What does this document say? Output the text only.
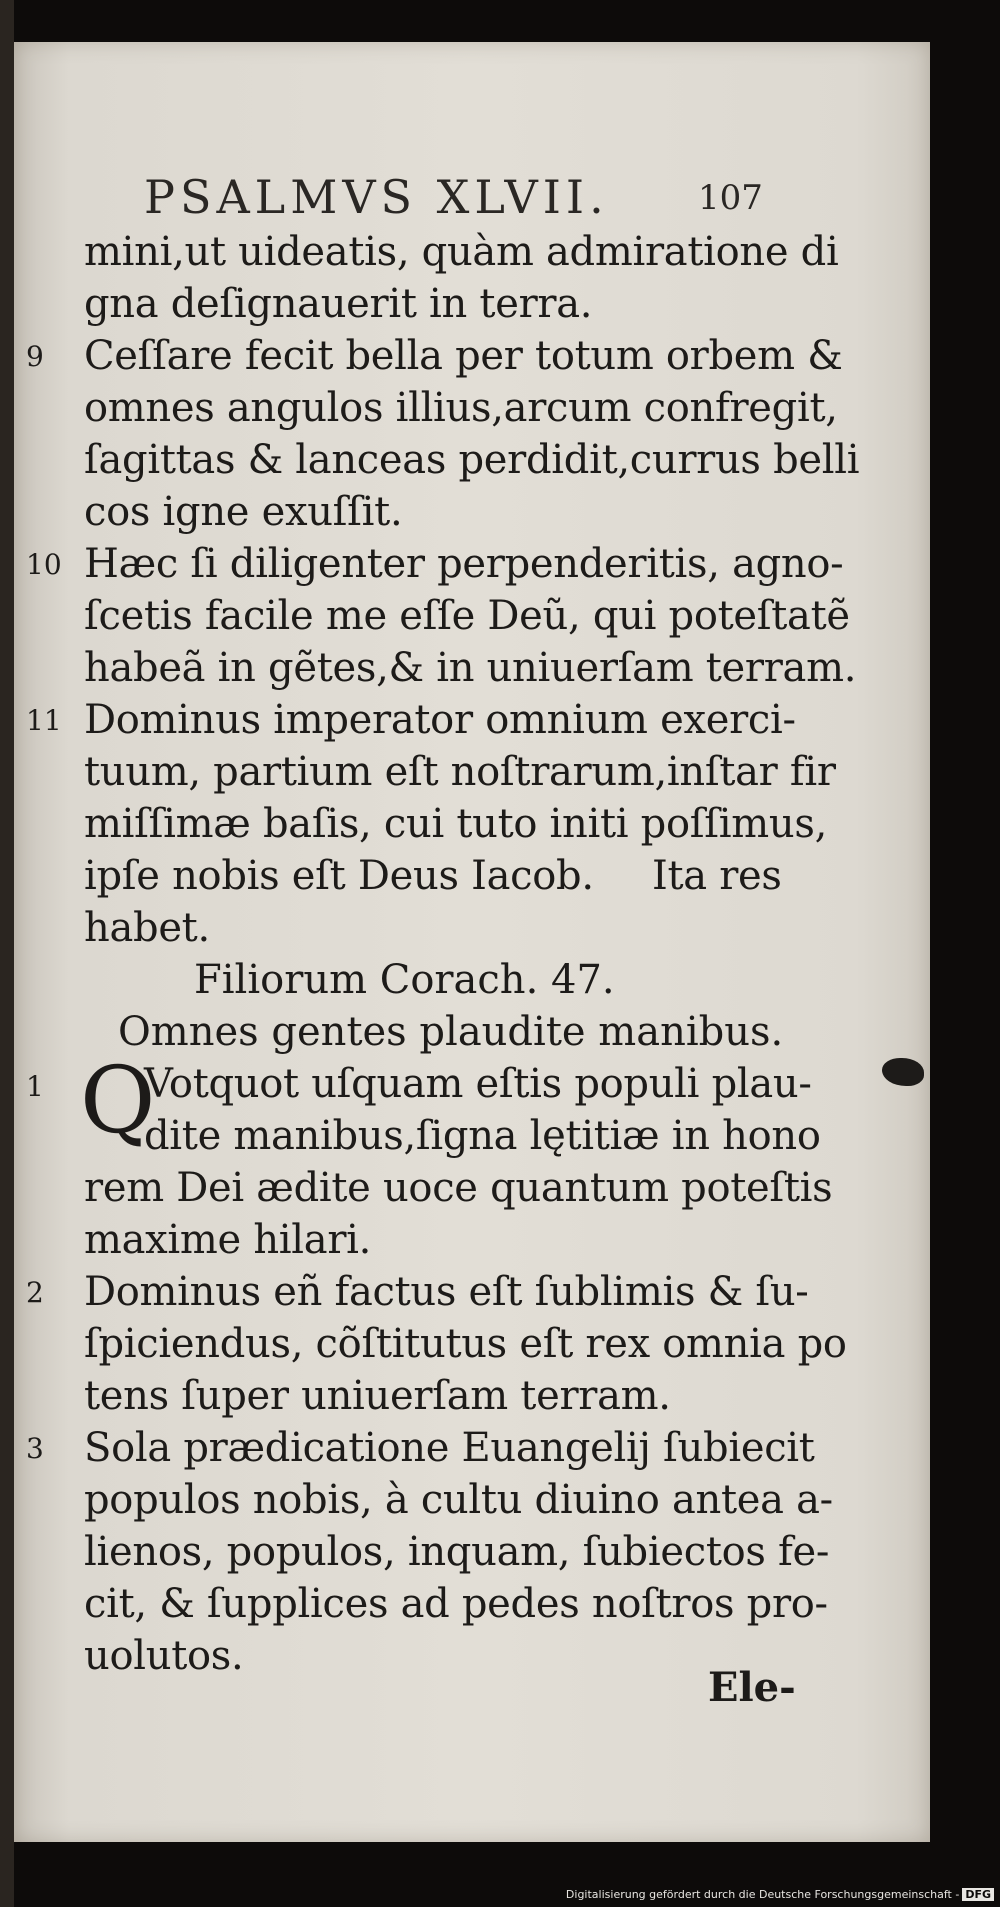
PSALMVS XLVII.	107
mini,ut uideatis, quàm admiratione di
gna deſignauerit in terra.
9 Ceſſare fecit bella per totum orbem &
omnes angulos illius,arcum confregit,
ſagittas & lanceas perdidit,currus belli
cos igne exuſſit.
10 Hæc ſi diligenter perpenderitis, agno-
ſcetis facile me eſſe Deũ, qui poteſtatẽ
habeã in gẽtes,& in uniuerſam terram.
11 Dominus imperator omnium exerci-
tuum, partium eſt noſtrarum,inſtar fir
miſſimæ baſis, cui tuto initi poſſimus,
ipſe nobis eſt Deus Iacob. Ita res
habet.
Filiorum Corach. 47.
Omnes gentes plaudite manibus.
1 Q
Votquot uſquam eſtis populi plau-
dite manibus,ſigna lętitiæ in hono
rem Dei ædite uoce quantum poteſtis
maxime hilari.
2 Dominus eñ factus eſt ſublimis & ſu-
ſpiciendus, cõſtitutus eſt rex omnia po
tens ſuper uniuerſam terram.
3 Sola prædicatione Euangelij ſubiecit
populos nobis, à cultu diuino antea a-
lienos, populos, inquam, ſubiectos fe-
cit, & ſupplices ad pedes noſtros pro-
uolutos.
Ele-
Digitalisierung gefördert durch die Deutsche Forschungsgemeinschaft - DFG
